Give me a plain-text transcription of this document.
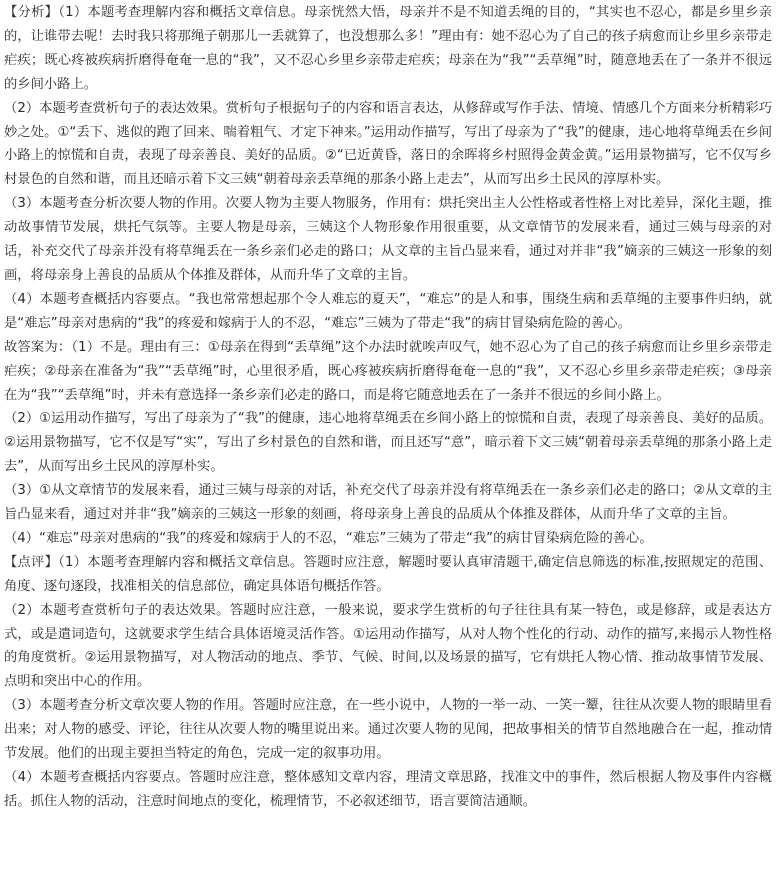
【分析】（1）本题考查理解内容和概括文章信息。母亲恍然大悟，母亲并不是不知道丢绳的目的，“其实也不忍心，都是乡里乡亲的，让谁带去呢！去时我只将那绳子朝那儿一丢就算了，也没想那么多！”理由有：她不忍心为了自己的孩子病愈而让乡里乡亲带走疟疾；既心疼被疾病折磨得奄奄一息的“我”，又不忍心乡里乡亲带走疟疾；母亲在为“我”“丢草绳”时，随意地丢在了一条并不很远的乡间小路上。

（2）本题考查赏析句子的表达效果。赏析句子根据句子的内容和语言表达，从修辞或写作手法、情境、情感几个方面来分析精彩巧妙之处。①“丢下、逃似的跑了回来、喘着粗气、才定下神来。”运用动作描写，写出了母亲为了“我”的健康，违心地将草绳丢在乡间小路上的惊慌和自责，表现了母亲善良、美好的品质。②“已近黄昏，落日的余晖将乡村照得金黄金黄。”运用景物描写，它不仅写乡村景色的自然和谐，而且还暗示着下文三姨“朝着母亲丢草绳的那条小路上走去”，从而写出乡土民风的淳厚朴实。

（3）本题考查分析次要人物的作用。次要人物为主要人物服务，作用有：烘托突出主人公性格或者性格上对比差异，深化主题，推动故事情节发展，烘托气氛等。主要人物是母亲，三姨这个人物形象作用很重要，从文章情节的发展来看，通过三姨与母亲的对话，补充交代了母亲并没有将草绳丢在一条乡亲们必走的路口；从文章的主旨凸显来看，通过对并非“我”嫡亲的三姨这一形象的刻画，将母亲身上善良的品质从个体推及群体，从而升华了文章的主旨。

（4）本题考查概括内容要点。“我也常常想起那个令人难忘的夏天”，“难忘”的是人和事，围绕生病和丢草绳的主要事件归纳，就是“难忘”母亲对患病的“我”的疼爱和嫁病于人的不忍，“难忘”三姨为了带走“我”的病甘冒染病危险的善心。

故答案为：（1）不是。理由有三：①母亲在得到“丢草绳”这个办法时就唉声叹气，她不忍心为了自己的孩子病愈而让乡里乡亲带走疟疾；②母亲在准备为“我”“丢草绳”时，心里很矛盾，既心疼被疾病折磨得奄奄一息的“我”，又不忍心乡里乡亲带走疟疾；③母亲在为“我”“丢草绳”时，并未有意选择一条乡亲们必走的路口，而是将它随意地丢在了一条并不很远的乡间小路上。

（2）①运用动作描写，写出了母亲为了“我”的健康，违心地将草绳丢在乡间小路上的惊慌和自责，表现了母亲善良、美好的品质。②运用景物描写，它不仅是写“实”，写出了乡村景色的自然和谐，而且还写“意”，暗示着下文三姨“朝着母亲丢草绳的那条小路上走去”，从而写出乡土民风的淳厚朴实。

（3）①从文章情节的发展来看，通过三姨与母亲的对话，补充交代了母亲并没有将草绳丢在一条乡亲们必走的路口；②从文章的主旨凸显来看，通过对并非“我”嫡亲的三姨这一形象的刻画，将母亲身上善良的品质从个体推及群体，从而升华了文章的主旨。

（4）“难忘”母亲对患病的“我”的疼爱和嫁病于人的不忍，“难忘”三姨为了带走“我”的病甘冒染病危险的善心。

【点评】（1）本题考查理解内容和概括文章信息。答题时应注意，解题时要认真审清题干,确定信息筛选的标准,按照规定的范围、角度、逐句逐段，找准相关的信息部位，确定具体语句概括作答。

（2）本题考查赏析句子的表达效果。答题时应注意，一般来说，要求学生赏析的句子往往具有某一特色，或是修辞，或是表达方式，或是遣词造句，这就要求学生结合具体语境灵活作答。①运用动作描写，从对人物个性化的行动、动作的描写,来揭示人物性格的角度赏析。②运用景物描写，对人物活动的地点、季节、气候、时间,以及场景的描写，它有烘托人物心情、推动故事情节发展、点明和突出中心的作用。

（3）本题考查分析文章次要人物的作用。答题时应注意，在一些小说中，人物的一举一动、一笑一颦，往往从次要人物的眼睛里看出来；对人物的感受、评论，往往从次要人物的嘴里说出来。通过次要人物的见闻，把故事相关的情节自然地融合在一起，推动情节发展。他们的出现主要担当特定的角色，完成一定的叙事功用。

（4）本题考查概括内容要点。答题时应注意，整体感知文章内容，理清文章思路，找准文中的事件，然后根据人物及事件内容概括。抓住人物的活动，注意时间地点的变化，梳理情节，不必叙述细节，语言要简洁通顺。
